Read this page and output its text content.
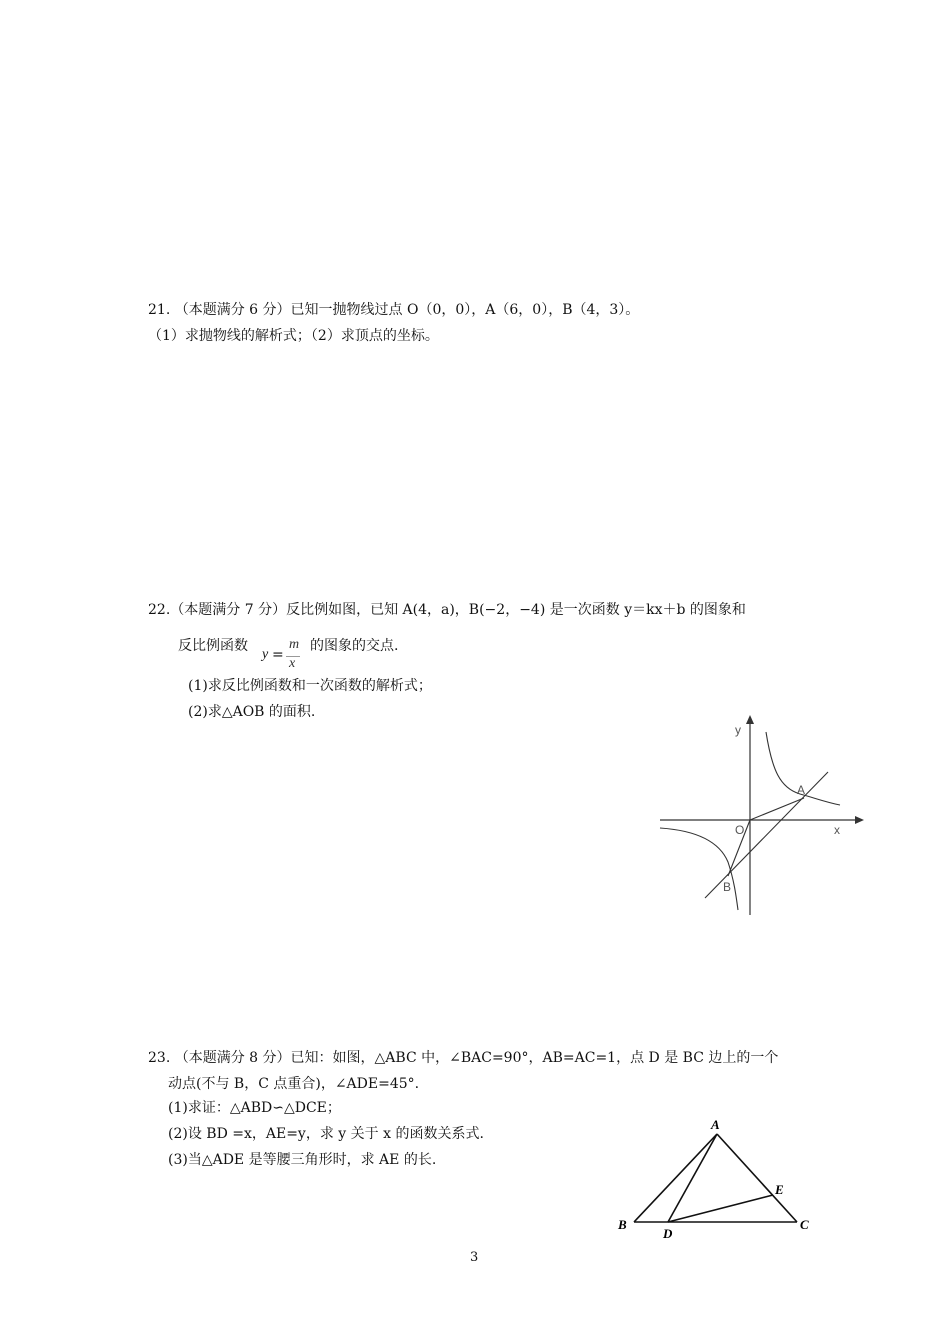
21. （本题满分 6 分）已知一抛物线过点 O（0，0），A（6，0），B（4，3）。
（1）求抛物线的解析式；（2）求顶点的坐标。
22.（本题满分 7 分）反比例如图，已知 A(4，a)，B(−2，−4) 是一次函数 y＝kx＋b 的图象和
反比例函数
y =
m
x
的图象的交点.
(1)求反比例函数和一次函数的解析式；
(2)求△AOB 的面积.
y
x
O
A
B
23. （本题满分 8 分）已知：如图，△ABC 中，∠BAC=90°，AB=AC=1，点 D 是 BC 边上的一个
动点(不与 B，C 点重合)，∠ADE=45°.
(1)求证：△ABD∽△DCE；
(2)设 BD =x，AE=y，求 y 关于 x 的函数关系式.
(3)当△ADE 是等腰三角形时，求 AE 的长.
A
B	C
D
E
3
